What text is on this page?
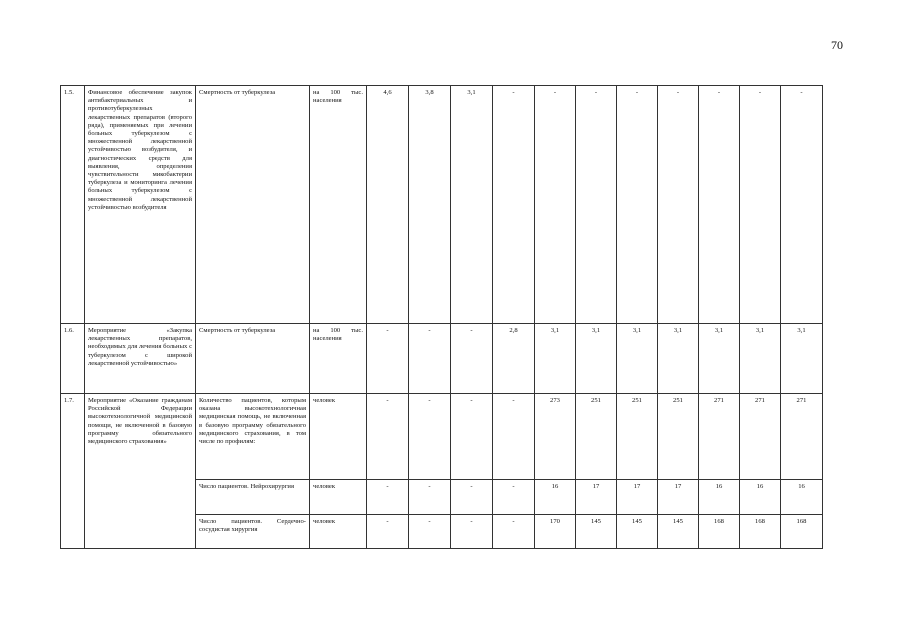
70
1.5.	Финансовое обеспечение закупок антибактериальных и противотуберкулезных лекарственных препаратов (второго ряда), применяемых при лечении больных туберкулезом с множественной лекарственной устойчивостью возбудителя, и диагностических средств для выявления, определения чувствительности микобактерии туберкулеза и мониторинга лечения больных туберкулезом с множественной лекарственной устойчивостью возбудителя	Смертность от туберкулеза	на 100 тыс. населения	4,6	3,8	3,1	-	-	-	-	-	-	-	-
1.6.	Мероприятие «Закупка лекарственных препаратов, необходимых для лечения больных с туберкулезом с широкой лекарственной устойчивостью»	Смертность от туберкулеза	на 100 тыс. населения	-	-	-	2,8	3,1	3,1	3,1	3,1	3,1	3,1	3,1
1.7.	Мероприятие «Оказание гражданам Российской Федерации высокотехнологичной медицинской помощи, не включенной в базовую программу обязательного медицинского страхования»	Количество пациентов, которым оказана высокотехнологичная медицинская помощь, не включенная в базовую программу обязательного медицинского страхования, в том числе по профилям:	человек	-	-	-	-	273	251	251	251	271	271	271
		Число пациентов. Нейрохирургия	человек	-	-	-	-	16	17	17	17	16	16	16
		Число пациентов. Сердечно-сосудистая хирургия	человек	-	-	-	-	170	145	145	145	168	168	168
